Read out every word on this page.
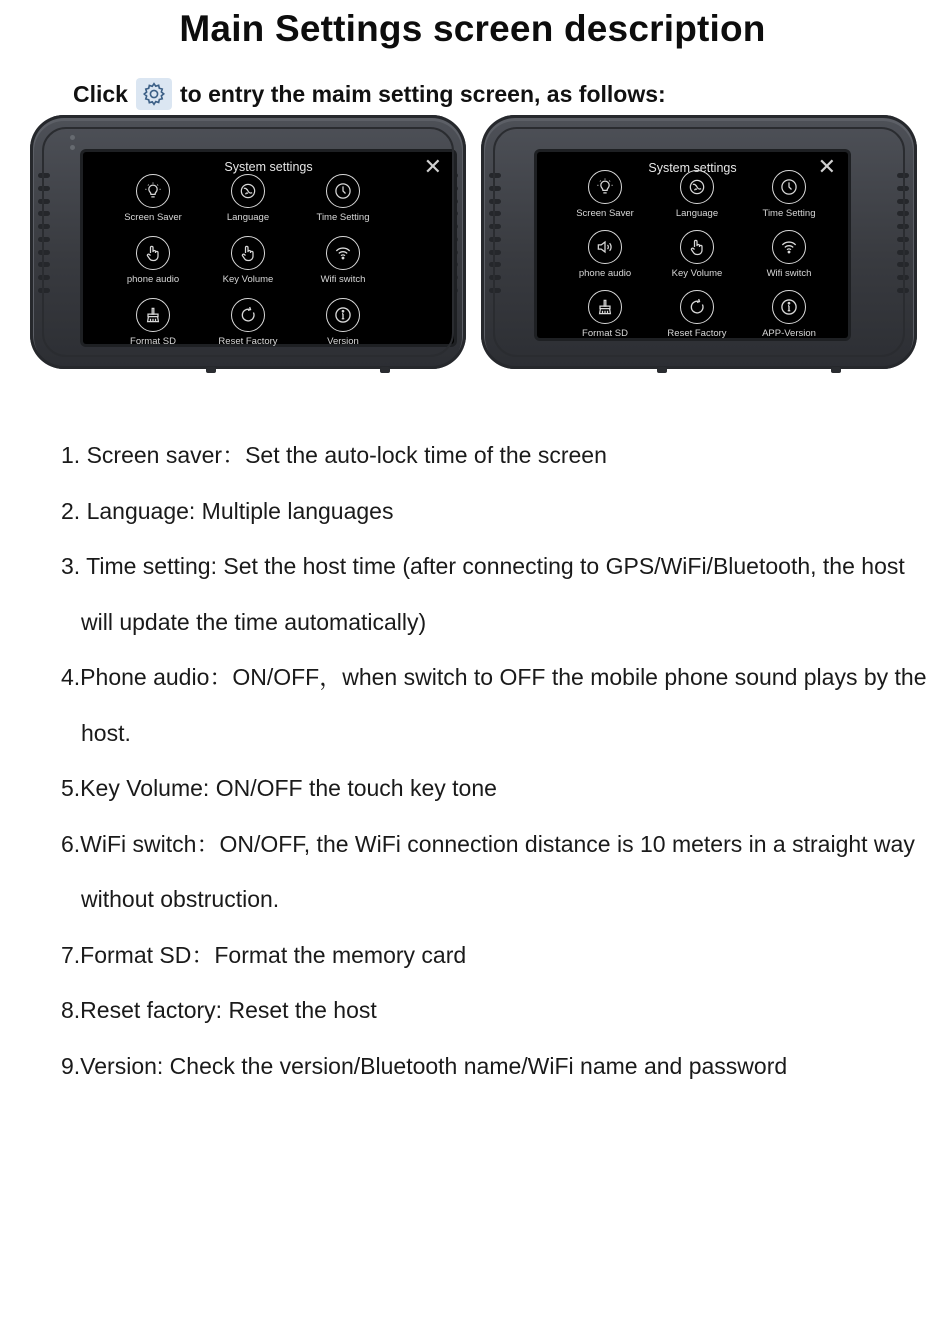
Main Settings screen description
Click to entry the maim setting screen, as follows:
System settings	✕
Screen Saver	Language	Time Setting
phone audio	Key Volume	Wifi switch
Format SD	Reset Factory	Version
System settings	✕
Screen Saver	Language	Time Setting
phone audio	Key Volume	Wifi switch
Format SD	Reset Factory	APP-Version
1. Screen saver：Set the auto-lock time of the screen
2. Language: Multiple languages
3. Time setting: Set the host time (after connecting to GPS/WiFi/Bluetooth, the host
will update the time automatically)
4.Phone audio：ON/OFF，when switch to OFF the mobile phone sound plays by the
host.
5.Key Volume: ON/OFF the touch key tone
6.WiFi switch：ON/OFF, the WiFi connection distance is 10 meters in a straight way
without obstruction.
7.Format SD：Format the memory card
8.Reset factory: Reset the host
9.Version: Check the version/Bluetooth name/WiFi name and password
